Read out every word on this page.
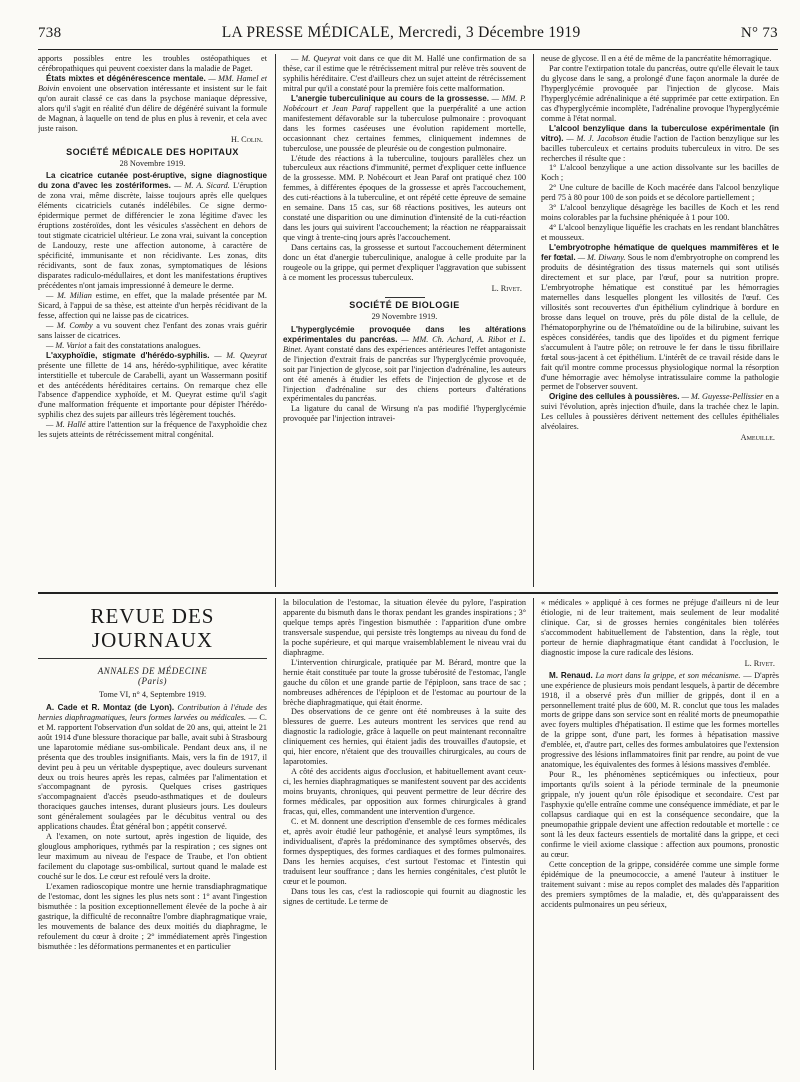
738	LA PRESSE MÉDICALE, Mercredi, 3 Décembre 1919	N° 73

apports possibles entre les troubles ostéopathiques et cérébropathiques qui peuvent coexister dans la maladie de Paget.

États mixtes et dégénérescence mentale. — MM. Hamel et Boivin envoient une observation intéressante et insistent sur le fait qu'on aurait classé ce cas dans la psychose maniaque dépressive, alors qu'il s'agit en réalité d'un délire de dégénéré suivant la formule de Magnan, à laquelle on tend de plus en plus à revenir, et cela avec juste raison.

H. Colin.
SOCIÉTÉ MÉDICALE DES HOPITAUX
28 Novembre 1919.

La cicatrice cutanée post-éruptive, signe diagnostique du zona d'avec les zostériformes. — M. A. Sicard. L'éruption de zona vrai, même discrète, laisse toujours après elle quelques éléments cicatriciels cutanés indélébiles. Ce signe dermo-épidermique permet de différencier le zona légitime d'avec les éruptions zostéroïdes, dont les vésicules s'assèchent en dehors de tout stigmate cicatriciel ultérieur. Le zona vrai, suivant la conception de Landouzy, reste une affection autonome, à caractère de spécificité, immunisante et non récidivante. Les zonas, dits récidivants, sont de faux zonas, symptomatiques de lésions disparates radiculo-médullaires, et dont les manifestations éruptives précédentes n'ont jamais impressionné à demeure le derme.

— M. Milian estime, en effet, que la malade présentée par M. Sicard, à l'appui de sa thèse, est atteinte d'un herpès récidivant de la fesse, affection qui ne laisse pas de cicatrices.

— M. Comby a vu souvent chez l'enfant des zonas vrais guérir sans laisser de cicatrices.

— M. Variot a fait des constatations analogues.

L'axyphoïdie, stigmate d'hérédo-syphilis. — M. Queyrat présente une fillette de 14 ans, hérédo-syphilitique, avec kératite interstitielle et tubercule de Carabelli, ayant un Wassermann positif et des antécédents héréditaires certains. On remarque chez elle l'absence d'appendice xyphoïde, et M. Queyrat estime qu'il s'agit d'une malformation fréquente et importante pour dépister l'hérédo-syphilis chez des sujets par ailleurs très légèrement touchés.

— M. Hallé attire l'attention sur la fréquence de l'axyphoïdie chez les sujets atteints de rétrécissement mitral congénital.

— M. Queyrat voit dans ce que dit M. Hallé une confirmation de sa thèse, car il estime que le rétrécissement mitral pur relève très souvent de syphilis héréditaire. C'est d'ailleurs chez un sujet atteint de rétrécissement mitral pur qu'il a constaté pour la première fois cette malformation.

L'anergie tuberculinique au cours de la grossesse. — MM. P. Nobécourt et Jean Paraf rappellent que la puerpéralité a une action manifestement défavorable sur la tuberculose pulmonaire : provoquant dans les formes caséeuses une évolution rapidement mortelle, occasionnant chez certaines femmes, cliniquement indemnes de tuberculose, une poussée de pleurésie ou de congestion pulmonaire.

L'étude des réactions à la tuberculine, toujours parallèles chez un tuberculeux aux réactions d'immunité, permet d'expliquer cette influence de la grossesse. MM. P. Nobécourt et Jean Paraf ont pratiqué chez 100 femmes, à différentes époques de la grossesse et après l'accouchement, des cuti-réactions à la tuberculine, et ont répété cette épreuve de semaine en semaine. Dans 15 cas, sur 68 réactions positives, les auteurs ont constaté une disparition ou une diminution d'intensité de la cuti-réaction dans les jours qui suivirent l'accouchement; la réaction ne réapparaissait que vingt à trente-cinq jours après l'accouchement.

Dans certains cas, la grossesse et surtout l'accouchement déterminent donc un état d'anergie tuberculinique, analogue à celle produite par la rougeole ou la grippe, qui permet d'expliquer l'aggravation que subissent à ce moment les processus tuberculeux.

L. Rivet.
SOCIÉTÉ DE BIOLOGIE
29 Novembre 1919.

L'hyperglycémie provoquée dans les altérations expérimentales du pancréas. — MM. Ch. Achard, A. Ribot et L. Binet. Ayant constaté dans des expériences antérieures l'effet antagoniste de l'injection d'extrait frais de pancréas sur l'hyperglycémie provoquée, soit par l'injection de glycose, soit par l'injection d'adrénaline, les auteurs ont été amenés à étudier les effets de l'injection de glycose et de l'injection d'adrénaline sur des chiens porteurs d'altérations expérimentales du pancréas.

La ligature du canal de Wirsung n'a pas modifié l'hyperglycémie provoquée par l'injection intravei-

neuse de glycose. Il en a été de même de la pancréatite hémorragique.

Par contre l'extirpation totale du pancréas, outre qu'elle élevait le taux du glycose dans le sang, a prolongé d'une façon anormale la durée de l'hyperglycémie provoquée par l'injection de glycose. Mais l'hyperglycémie adrénalinique a été supprimée par cette extirpation. En cas d'hyperglycémie incomplète, l'adrénaline provoque l'hyperglycémie comme à l'état normal.

L'alcool benzylique dans la tuberculose expérimentale (in vitro). — M. J. Jacobson étudie l'action de l'action benzylique sur les bacilles tuberculeux et certains produits tuberculeux in vitro. De ses recherches il résulte que :

1° L'alcool benzylique a une action dissolvante sur les bacilles de Koch ;

2° Une culture de bacille de Koch macérée dans l'alcool benzylique perd 75 à 80 pour 100 de son poids et se décolore partiellement ;

3° L'alcool benzylique désagrège les bacilles de Koch et les rend moins colorables par la fuchsine phéniquée à 1 pour 100.

4° L'alcool benzylique liquéfie les crachats en les rendant blanchâtres et mousseux.

L'embryotrophe hématique de quelques mammifères et le fer fœtal. — M. Diwany. Sous le nom d'embryotrophe on comprend les produits de désintégration des tissus maternels qui sont utilisés directement et sur place, par l'œuf, pour sa nutrition propre. L'embryotrophe hématique est constitué par les hémorragies maternelles dans lesquelles plongent les villosités de l'œuf. Ces villosités sont recouvertes d'un épithélium cylindrique à bordure en brosse dans lequel on trouve, près du pôle distal de la cellule, de l'hématoporphyrine ou de l'hématoïdine ou de la bilirubine, suivant les espèces considérées, tandis que des lipoïdes et du pigment ferrique s'accumulent à l'autre pôle; on retrouve le fer dans le tissu fibrillaire fœtal sous-jacent à cet épithélium. L'intérêt de ce travail réside dans le fait qu'il montre comme processus physiologique normal la résorption d'une hémorragie avec hémolyse intratissulaire comme la pathologie permet de l'observer souvent.

Origine des cellules à poussières. — M. Guyesse-Pellissier en a suivi l'évolution, après injection d'huile, dans la trachée chez le lapin. Les cellules à poussières dérivent nettement des cellules épithéliales alvéolaires.

Ameuille.
REVUE DES JOURNAUX
ANNALES DE MÉDECINE
(Paris)

Tome VI, n° 4, Septembre 1919.

A. Cade et R. Montaz (de Lyon). Contribution à l'étude des hernies diaphragmatiques, leurs formes larvées ou médicales. — C. et M. rapportent l'observation d'un soldat de 20 ans, qui, atteint le 21 août 1914 d'une blessure thoracique par balle, avait subi à Strasbourg une laparotomie médiane sus-ombilicale. Pendant deux ans, il ne présenta que des troubles insignifiants. Mais, vers la fin de 1917, il devint peu à peu un véritable dyspeptique, avec douleurs survenant deux ou trois heures après les repas, calmées par l'alimentation et s'accompagnant de pyrosis. Quelques crises gastriques s'accompagnaient d'accès pseudo-asthmatiques et de douleurs thoraciques gauches intenses, durant plusieurs jours. Les douleurs sont généralement soulagées par le décubitus ventral ou des applications chaudes. État général bon ; appétit conservé.

A l'examen, on note surtout, après ingestion de liquide, des glouglous amphoriques, rythmés par la respiration ; ces signes ont leur maximum au niveau de l'espace de Traube, et l'on obtient facilement du clapotage sus-ombilical, surtout quand le malade est couché sur le dos. Le cœur est refoulé vers la droite.

L'examen radioscopique montre une hernie transdiaphragmatique de l'estomac, dont les signes les plus nets sont : 1° avant l'ingestion bismuthée : la position exceptionnellement élevée de la poche à air gastrique, la difficulté de reconnaître l'ombre diaphragmatique vraie, les mouvements de balance des deux moitiés du diaphragme, le refoulement du cœur à droite ; 2° immédiatement après l'ingestion bismuthée : les déformations permanentes et en particulier

la biloculation de l'estomac, la situation élevée du pylore, l'aspiration apparente du bismuth dans le thorax pendant les grandes inspirations ; 3° quelque temps après l'ingestion bismuthée : l'apparition d'une ombre transversale suspendue, qui persiste très longtemps au niveau du fond de la poche supérieure, et qui marque vraisemblablement le niveau vrai du diaphragme.

L'intervention chirurgicale, pratiquée par M. Bérard, montre que la hernie était constituée par toute la grosse tubérosité de l'estomac, l'angle gauche du côlon et une grande partie de l'épiploon, sans trace de sac ; nombreuses adhérences de l'épiploon et de l'estomac au pourtour de la brèche diaphragmatique, qui était énorme.

Des observations de ce genre ont été nombreuses à la suite des blessures de guerre. Les auteurs montrent les services que rend au diagnostic la radiologie, grâce à laquelle on peut maintenant reconnaître cliniquement ces hernies, qui étaient jadis des trouvailles d'autopsie, et qui, hier encore, n'étaient que des trouvailles chirurgicales, au cours de laparotomies.

A côté des accidents aigus d'occlusion, et habituellement avant ceux-ci, les hernies diaphragmatiques se manifestent souvent par des accidents moins bruyants, chroniques, qui peuvent permettre de leur décrire des formes médicales, par opposition aux formes chirurgicales à grand fracas, qui, elles, commandent une intervention d'urgence.

C. et M. donnent une description d'ensemble de ces formes médicales et, après avoir étudié leur pathogénie, et analysé leurs symptômes, ils individualisent, d'après la prédominance des symptômes observés, des formes dyspeptiques, des formes cardiaques et des formes pulmonaires. Dans les hernies acquises, c'est surtout l'estomac et l'intestin qui traduisent leur souffrance ; dans les hernies congénitales, c'est plutôt le cœur et le poumon.

Dans tous les cas, c'est la radioscopie qui fournit au diagnostic les signes de certitude. Le terme de

« médicales » appliqué à ces formes ne préjuge d'ailleurs ni de leur étiologie, ni de leur traitement, mais seulement de leur modalité clinique. Car, si de grosses hernies congénitales bien tolérées s'accommodent habituellement de l'abstention, dans la règle, tout porteur de hernie diaphragmatique étant candidat à l'occlusion, le diagnostic impose la cure radicale des lésions.

L. Rivet.

M. Renaud. La mort dans la grippe, et son mécanisme. — D'après une expérience de plusieurs mois pendant lesquels, à partir de décembre 1918, il a observé près d'un millier de grippés, dont il en a personnellement traité plus de 600, M. R. conclut que tous les malades morts de grippe dans son service sont en réalité morts de pneumopathie avec foyers multiples d'hépatisation. Il estime que les formes mortelles de la grippe sont, d'une part, les formes à hépatisation massive d'emblée, et, d'autre part, celles des formes ambulatoires que l'extension progressive des lésions inflammatoires finit par rendre, au point de vue anatomique, les équivalentes des formes à lésions massives d'emblée.

Pour R., les phénomènes septicémiques ou infectieux, pour importants qu'ils soient à la période terminale de la pneumonie grippale, n'y jouent qu'un rôle épisodique et secondaire. C'est par l'asphyxie qu'elle entraîne comme une conséquence immédiate, et par le collapsus cardiaque qui en est la conséquence secondaire, que la pneumopathie grippale devient une affection redoutable et mortelle : ce sont là les deux facteurs essentiels de mortalité dans la grippe, et ceci confirme le vieil axiome classique : affection aux poumons, pronostic au cœur.

Cette conception de la grippe, considérée comme une simple forme épidémique de la pneumococcie, a amené l'auteur à instituer le traitement suivant : mise au repos complet des malades dès l'apparition des premiers symptômes de la maladie, et, dès qu'apparaissent des accidents pulmonaires un peu sérieux,
